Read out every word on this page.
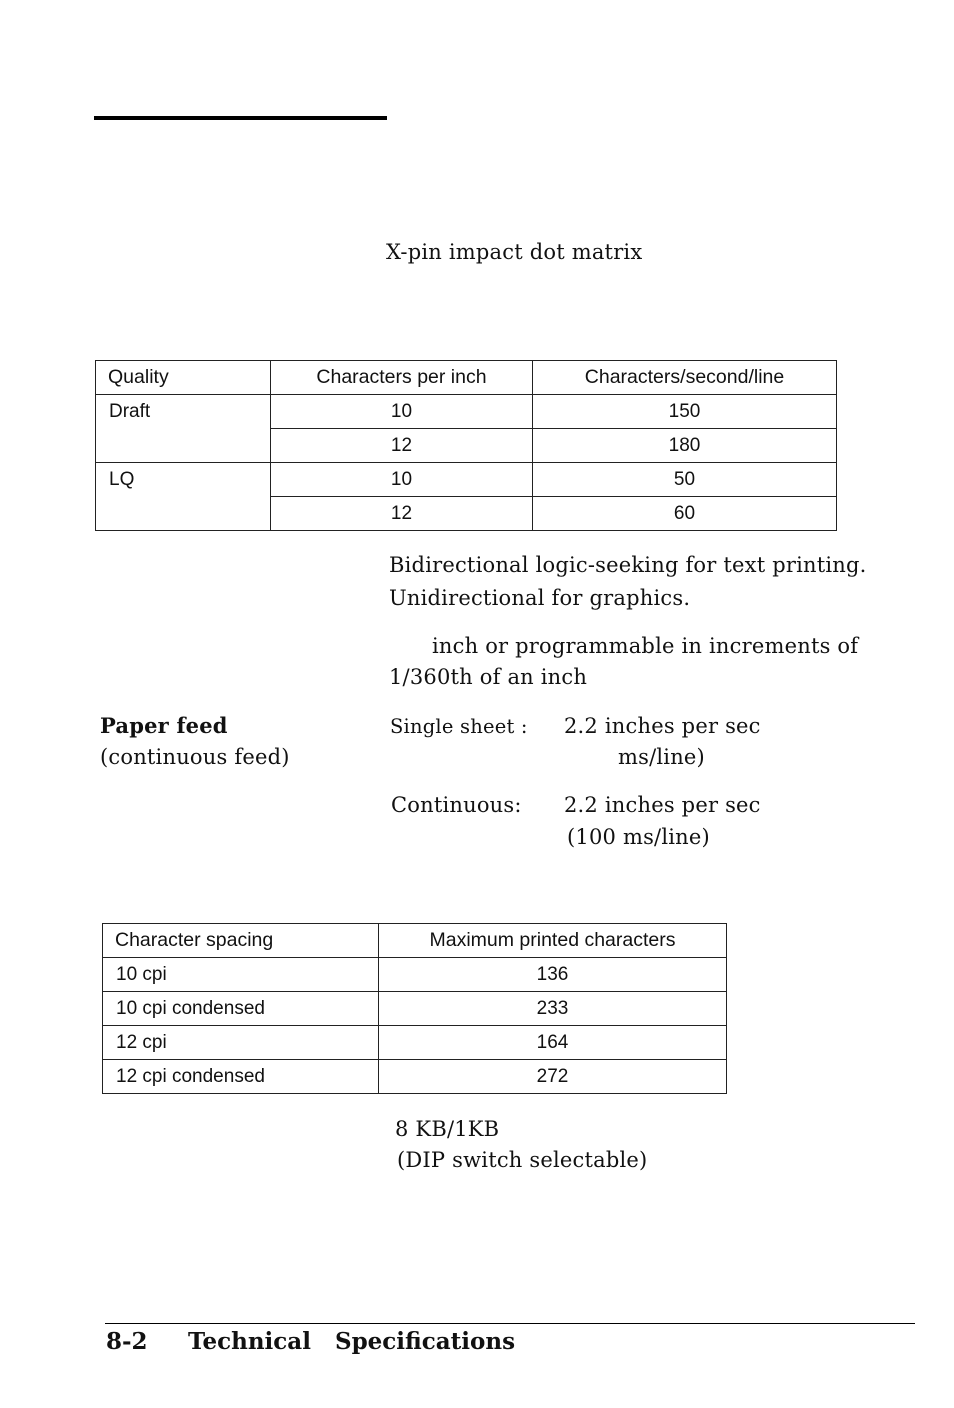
X-pin impact dot matrix
Quality	Characters per inch	Characters/second/line
Draft	10	150
	12	180
LQ	10	50
	12	60
Bidirectional logic-seeking for text printing.
Unidirectional for graphics.
inch or programmable in increments of
1/360th of an inch
Paper feed
(continuous feed)
Single sheet : 2.2 inches per sec
ms/line)
Continuous: 2.2 inches per sec
(100 ms/line)
Character spacing	Maximum printed characters
10 cpi	136
10 cpi condensed	233
12 cpi	164
12 cpi condensed	272
8 KB/1KB
(DIP switch selectable)
8-2 Technical   Specifications
